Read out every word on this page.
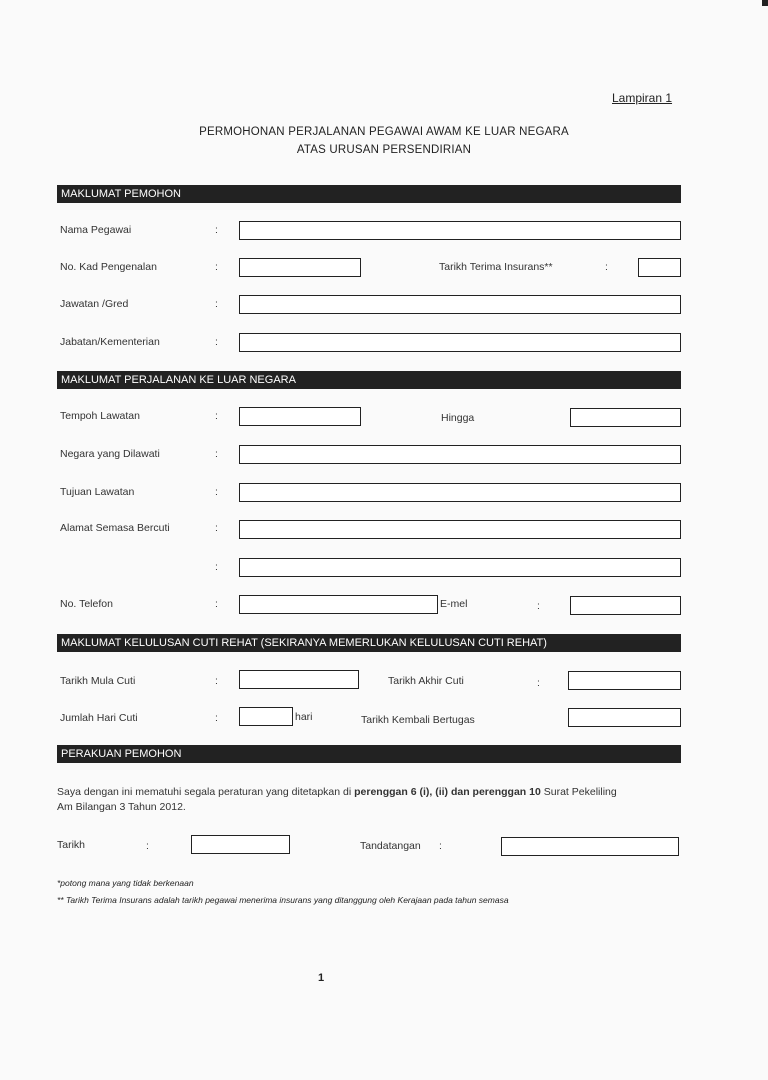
Lampiran 1
PERMOHONAN PERJALANAN PEGAWAI AWAM KE LUAR NEGARA
ATAS URUSAN PERSENDIRIAN
MAKLUMAT PEMOHON
Nama Pegawai	:
No. Kad Pengenalan	:	Tarikh Terima Insurans**	:
Jawatan /Gred	:
Jabatan/Kementerian	:
MAKLUMAT PERJALANAN KE LUAR NEGARA
Tempoh Lawatan	:	Hingga
Negara yang Dilawati	:
Tujuan Lawatan	:
Alamat Semasa Bercuti	:
:
No. Telefon	:	E-mel	:
MAKLUMAT KELULUSAN CUTI REHAT (SEKIRANYA MEMERLUKAN KELULUSAN CUTI REHAT)
Tarikh Mula Cuti	:	Tarikh Akhir Cuti	:
Jumlah Hari Cuti	:	hari	Tarikh Kembali Bertugas
PERAKUAN PEMOHON
Saya dengan ini mematuhi segala peraturan yang ditetapkan di perenggan 6 (i), (ii) dan perenggan 10 Surat Pekeliling
Am Bilangan 3 Tahun 2012.
Tarikh	:	Tandatangan :
*potong mana yang tidak berkenaan
** Tarikh Terima Insurans adalah tarikh pegawai menerima insurans yang ditanggung oleh Kerajaan pada tahun semasa
1
